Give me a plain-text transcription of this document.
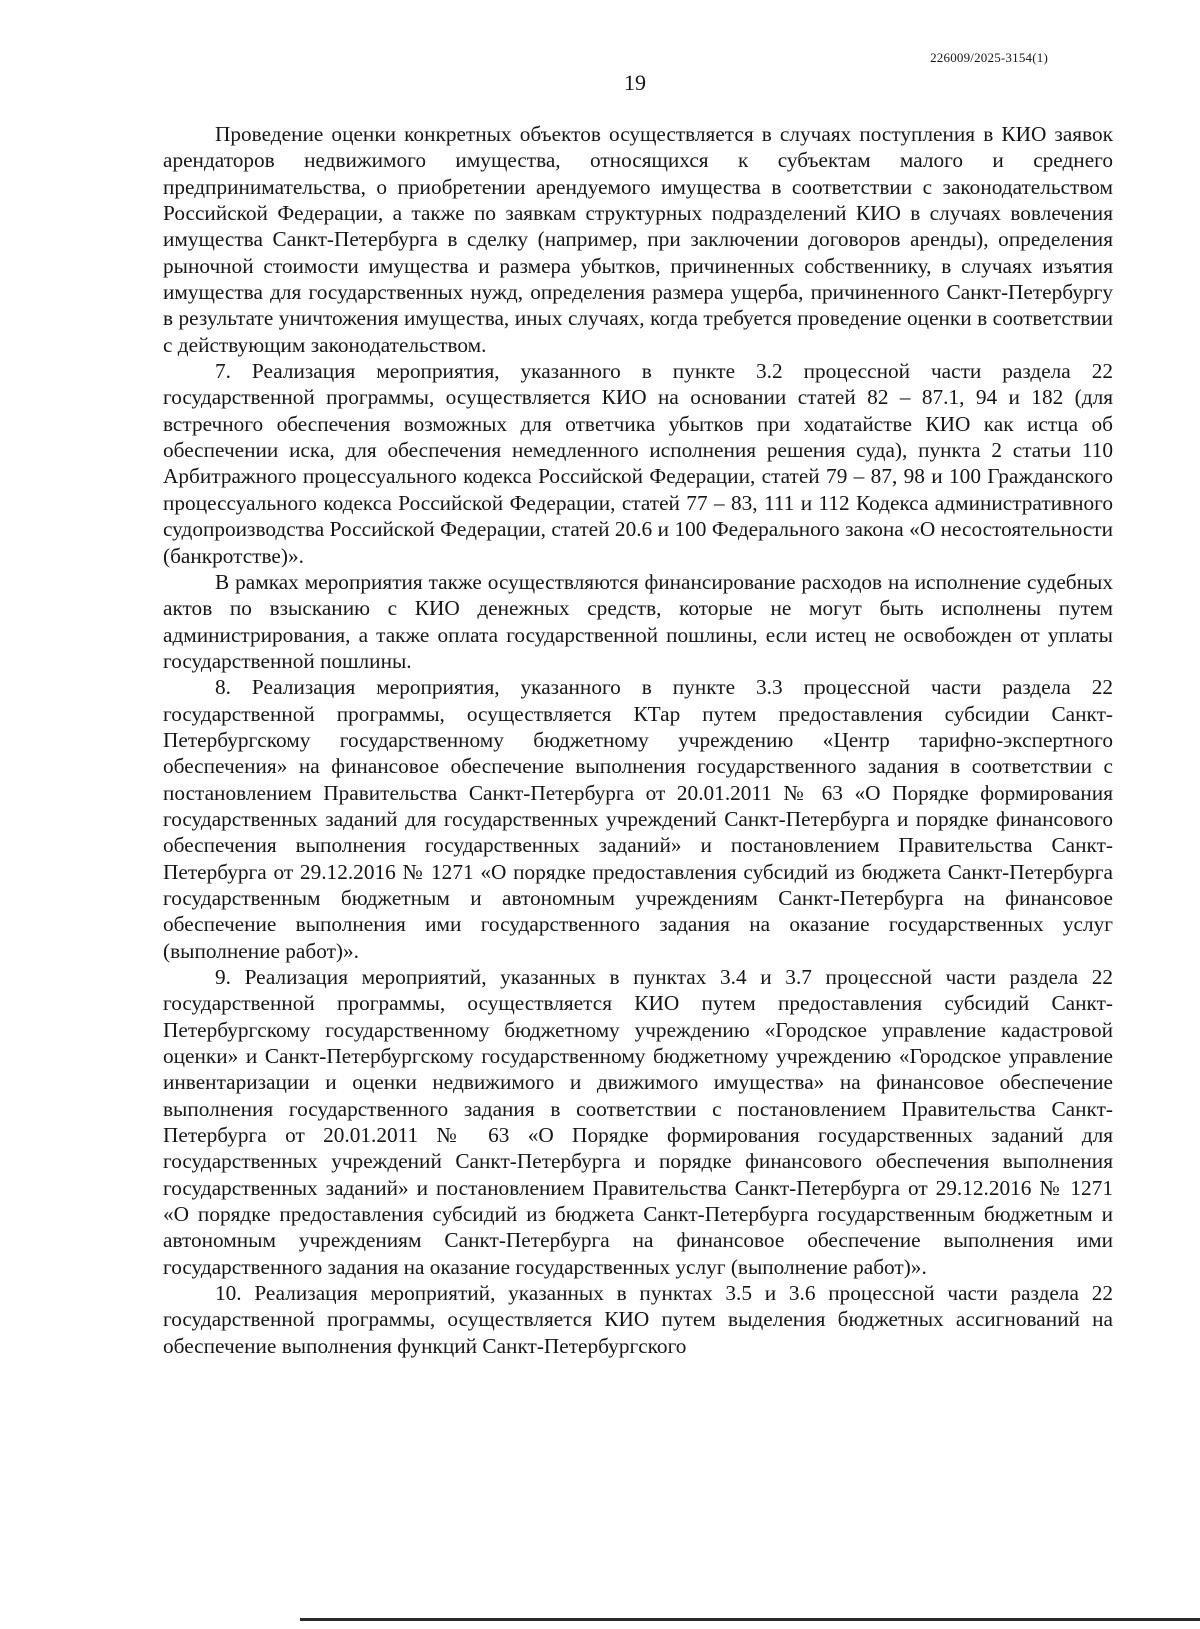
226009/2025-3154(1)
19

Проведение оценки конкретных объектов осуществляется в случаях поступления в КИО заявок арендаторов недвижимого имущества, относящихся к субъектам малого и среднего предпринимательства, о приобретении арендуемого имущества в соответствии с законодательством Российской Федерации, а также по заявкам структурных подразделений КИО в случаях вовлечения имущества Санкт-Петербурга в сделку (например, при заключении договоров аренды), определения рыночной стоимости имущества и размера убытков, причиненных собственнику, в случаях изъятия имущества для государственных нужд, определения размера ущерба, причиненного Санкт-Петербургу в результате уничтожения имущества, иных случаях, когда требуется проведение оценки в соответствии с действующим законодательством.

7. Реализация мероприятия, указанного в пункте 3.2 процессной части раздела 22 государственной программы, осуществляется КИО на основании статей 82 – 87.1, 94 и 182 (для встречного обеспечения возможных для ответчика убытков при ходатайстве КИО как истца об обеспечении иска, для обеспечения немедленного исполнения решения суда), пункта 2 статьи 110 Арбитражного процессуального кодекса Российской Федерации, статей 79 – 87, 98 и 100 Гражданского процессуального кодекса Российской Федерации, статей 77 – 83, 111 и 112 Кодекса административного судопроизводства Российской Федерации, статей 20.6 и 100 Федерального закона «О несостоятельности (банкротстве)».

В рамках мероприятия также осуществляются финансирование расходов на исполнение судебных актов по взысканию с КИО денежных средств, которые не могут быть исполнены путем администрирования, а также оплата государственной пошлины, если истец не освобожден от уплаты государственной пошлины.

8. Реализация мероприятия, указанного в пункте 3.3 процессной части раздела 22 государственной программы, осуществляется КТар путем предоставления субсидии Санкт-Петербургскому государственному бюджетному учреждению «Центр тарифно-экспертного обеспечения» на финансовое обеспечение выполнения государственного задания в соответствии с постановлением Правительства Санкт-Петербурга от 20.01.2011 № 63 «О Порядке формирования государственных заданий для государственных учреждений Санкт-Петербурга и порядке финансового обеспечения выполнения государственных заданий» и постановлением Правительства Санкт-Петербурга от 29.12.2016 № 1271 «О порядке предоставления субсидий из бюджета Санкт-Петербурга государственным бюджетным и автономным учреждениям Санкт-Петербурга на финансовое обеспечение выполнения ими государственного задания на оказание государственных услуг (выполнение работ)».

9. Реализация мероприятий, указанных в пунктах 3.4 и 3.7 процессной части раздела 22 государственной программы, осуществляется КИО путем предоставления субсидий Санкт-Петербургскому государственному бюджетному учреждению «Городское управление кадастровой оценки» и Санкт-Петербургскому государственному бюджетному учреждению «Городское управление инвентаризации и оценки недвижимого и движимого имущества» на финансовое обеспечение выполнения государственного задания в соответствии с постановлением Правительства Санкт-Петербурга от 20.01.2011 № 63 «О Порядке формирования государственных заданий для государственных учреждений Санкт-Петербурга и порядке финансового обеспечения выполнения государственных заданий» и постановлением Правительства Санкт-Петербурга от 29.12.2016 № 1271 «О порядке предоставления субсидий из бюджета Санкт-Петербурга государственным бюджетным и автономным учреждениям Санкт-Петербурга на финансовое обеспечение выполнения ими государственного задания на оказание государственных услуг (выполнение работ)».

10. Реализация мероприятий, указанных в пунктах 3.5 и 3.6 процессной части раздела 22 государственной программы, осуществляется КИО путем выделения бюджетных ассигнований на обеспечение выполнения функций Санкт-Петербургского
